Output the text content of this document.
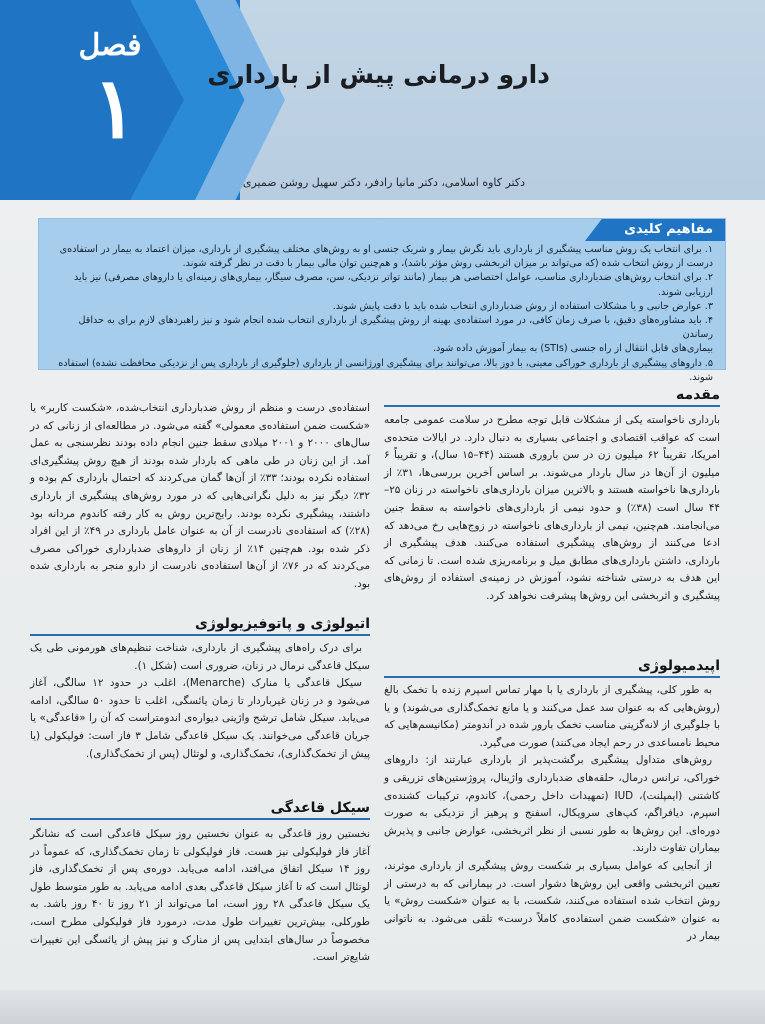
فصل
۱	دارو درمانی پیش از بارداری
دکتر کاوه اسلامی، دکتر مانیا رادفر، دکتر سهیل روشن ضمیری
مفاهیم کلیدی
۱. برای انتخاب یک روش مناسب پیشگیری از بارداری باید نگرش بیمار و شریک جنسی او به روش‌های مختلف پیشگیری از بارداری، میزان اعتماد به بیمار در استفاده‌ی
درست از روش انتخاب شده (که می‌تواند بر میزان اثربخشی روش مؤثر باشد)، و هم‌چنین توان مالی بیمار با دقت در نظر گرفته شوند.
۲. برای انتخاب روش‌های ضدبارداری مناسب، عوامل اختصاصی هر بیمار (مانند تواتر نزدیکی، سن، مصرف سیگار، بیماری‌های زمینه‌ای یا داروهای مصرفی) نیز باید ارزیابی شوند.
۳. عوارض جانبی و یا مشکلات استفاده از روش ضدبارداری انتخاب شده باید با دقت پایش شوند.
۴. باید مشاوره‌های دقیق، با صرف زمان کافی، در مورد استفاده‌ی بهینه از روش پیشگیری از بارداری انتخاب شده انجام شود و نیز راهبردهای لازم برای به حداقل رساندن
بیماری‌های قابل انتقال از راه جنسی (STIs) به بیمار آموزش داده شود.
۵. داروهای پیشگیری از بارداری خوراکی معینی، با دوز بالا، می‌توانند برای پیشگیری اورژانسی از بارداری (جلوگیری از بارداری پس از نزدیکی محافظت نشده) استفاده شوند.
مقدمه
بارداری ناخواسته یکی از مشکلات قابل توجه مطرح در سلامت عمومی جامعه است که عواقب اقتصادی و اجتماعی بسیاری به دنبال دارد. در ایالات متحده‌ی امریکا، تقریباً ۶۲ میلیون زن در سن باروری هستند (۴۴–۱۵ سال)، و تقریباً ۶ میلیون از آن‌ها در سال باردار می‌شوند. بر اساس آخرین بررسی‌ها، ۳۱٪ از بارداری‌ها ناخواسته هستند و بالاترین میزان بارداری‌های ناخواسته در زنان ۲۵–۴۴ سال است (۳۸٪) و حدود نیمی از بارداری‌های ناخواسته به سقط جنین می‌انجامند. هم‌چنین، نیمی از بارداری‌های ناخواسته در زوج‌هایی رخ می‌دهد که ادعا می‌کنند از روش‌های پیشگیری استفاده می‌کنند. هدف پیشگیری از بارداری، داشتن بارداری‌های مطابق میل و برنامه‌ریزی شده است. تا زمانی که این هدف به درستی شناخته نشود، آموزش در زمینه‌ی استفاده از روش‌های پیشگیری و اثربخشی این روش‌ها پیشرفت نخواهد کرد.
اپیدمیولوژی

به طور کلی، پیشگیری از بارداری یا با مهار تماس اسپرم زنده با تخمک بالغ (روش‌هایی که به عنوان سد عمل می‌کنند و یا مانع تخمک‌گذاری می‌شوند) و یا با جلوگیری از لانه‌گزینی مناسب تخمک بارور شده در آندومتر (مکانیسم‌هایی که محیط نامساعدی در رحم ایجاد می‌کنند) صورت می‌گیرد.

روش‌های متداول پیشگیری برگشت‌پذیر از بارداری عبارتند از: داروهای خوراکی، ترانس درمال، حلقه‌های ضدبارداری واژینال، پروژستین‌های تزریقی و کاشتنی (ایمپلنت)، IUD (تمهیدات داخل رحمی)، کاندوم، ترکیبات کشنده‌ی اسپرم، دیافراگم، کپ‌های سرویکال، اسفنج و پرهیز از نزدیکی به صورت دوره‌ای. این روش‌ها به طور نسبی از نظر اثربخشی، عوارض جانبی و پذیرش بیماران تفاوت دارند.

از آنجایی که عوامل بسیاری بر شکست روش پیشگیری از بارداری موثرند، تعیین اثربخشی واقعی این روش‌ها دشوار است. در بیمارانی که به درستی از روش انتخاب شده استفاده می‌کنند، شکست، با به عنوان «شکست روش» یا به عنوان «شکست ضمن استفاده‌ی کاملاً درست» تلقی می‌شود. به ناتوانی بیمار در

استفاده‌ی درست و منظم از روش ضدبارداری انتخاب‌شده، «شکست کاربر» یا «شکست ضمن استفاده‌ی معمولی» گفته می‌شود. در مطالعه‌ای از زنانی که در سال‌های ۲۰۰۰ و ۲۰۰۱ میلادی سقط جنین انجام داده بودند نظرسنجی به عمل آمد. از این زنان در طی ماهی که باردار شده بودند از هیچ روش پیشگیری‌ای استفاده نکرده بودند؛ ۳۳٪ از آن‌ها گمان می‌کردند که احتمال بارداری کم بوده و ۳۲٪ دیگر نیز به دلیل نگرانی‌هایی که در مورد روش‌های پیشگیری از بارداری داشتند، پیشگیری نکرده بودند. رایج‌ترین روش به کار رفته کاندوم مردانه بود (۲۸٪) که استفاده‌ی نادرست از آن به عنوان عامل بارداری در ۴۹٪ از این افراد ذکر شده بود. هم‌چنین ۱۴٪ از زنان از داروهای ضدبارداری خوراکی مصرف می‌کردند که در ۷۶٪ از آن‌ها استفاده‌ی نادرست از دارو منجر به بارداری شده بود.
اتیولوژی و پاتوفیزیولوژی

برای درک راه‌های پیشگیری از بارداری، شناخت تنظیم‌های هورمونی طی یک سیکل قاعدگی نرمال در زنان، ضروری است (شکل ۱).

سیکل قاعدگی یا منارک (Menarche)، اغلب در حدود ۱۲ سالگی، آغاز می‌شود و در زنان غیرباردار تا زمان یائسگی، اغلب تا حدود ۵۰ سالگی، ادامه می‌یابد. سیکل شامل ترشح واژینی دیواره‌ی اندومتراست که آن را «قاعدگی» یا جریان قاعدگی می‌خوانند. یک سیکل قاعدگی شامل ۳ فاز است: فولیکولی (یا پیش از تخمک‌گذاری)، تخمک‌گذاری، و لوتئال (پس از تخمک‌گذاری).

سیکل قاعدگی
نخستین روز قاعدگی به عنوان نخستین روز سیکل قاعدگی است که نشانگر آغاز فاز فولیکولی نیز هست. فاز فولیکولی تا زمان تخمک‌گذاری، که عموماً در روز ۱۴ سیکل اتفاق می‌افتد، ادامه می‌یابد. دوره‌ی پس از تخمک‌گذاری، فاز لوتئال است که تا آغاز سیکل قاعدگی بعدی ادامه می‌یابد. به طور متوسط طول یک سیکل قاعدگی ۲۸ روز است، اما می‌تواند از ۲۱ روز تا ۴۰ روز باشد. به طورکلی، بیش‌ترین تغییرات طول مدت، درمورد فاز فولیکولی مطرح است، مخصوصاً در سال‌های ابتدایی پس از منارک و نیز پیش از یائسگی این تغییرات شایع‌تر است.
